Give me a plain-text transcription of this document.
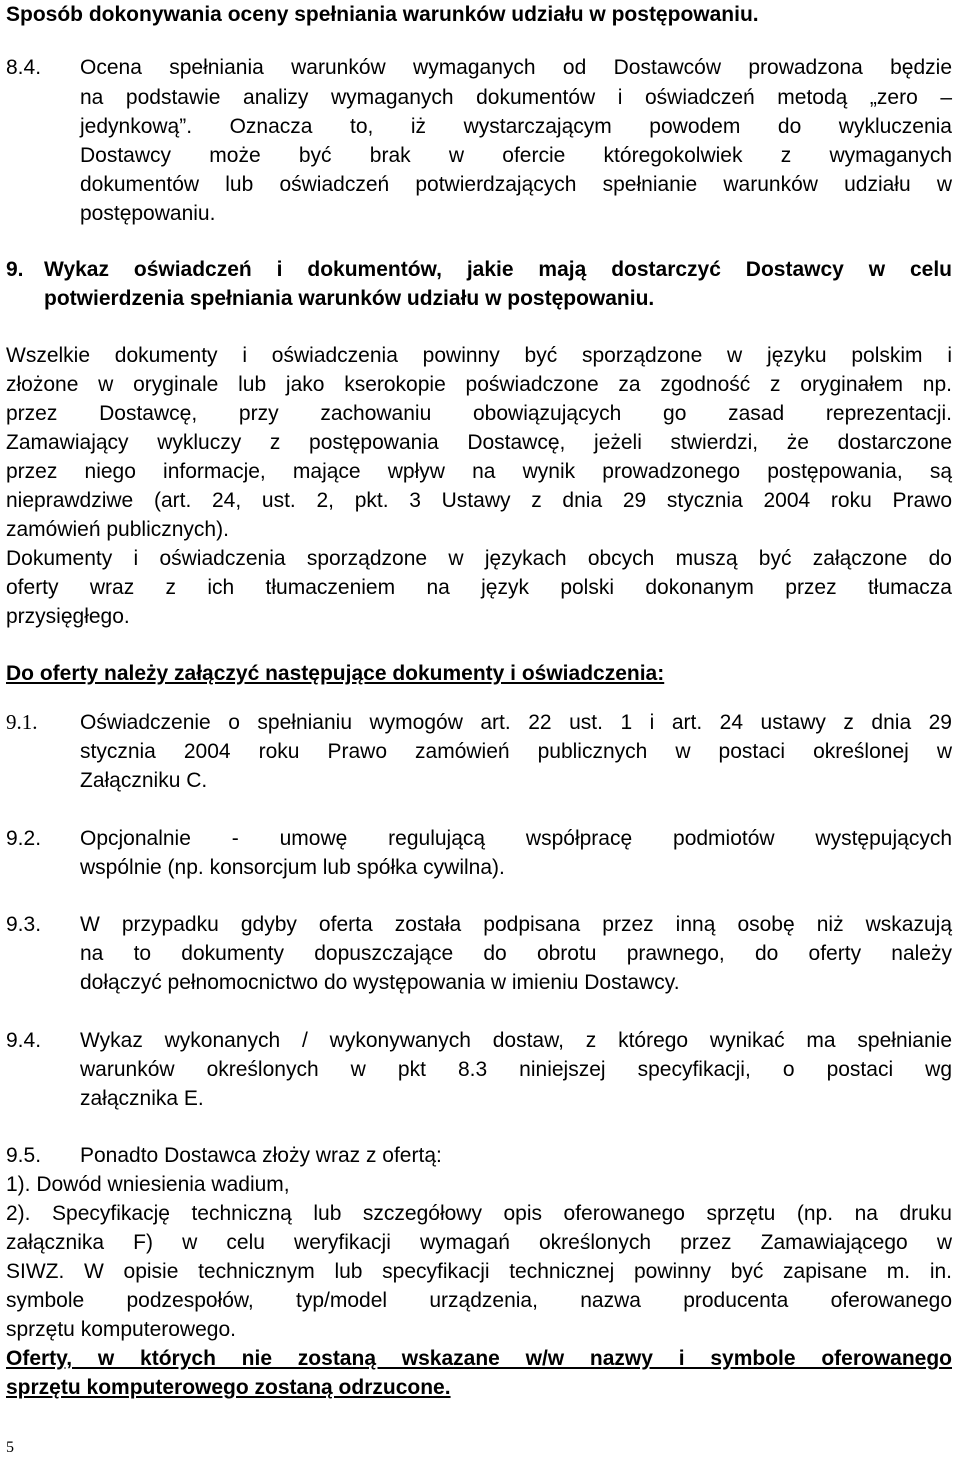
Sposób dokonywania oceny spełniania warunków udziału w postępowaniu.
8.4. Ocena spełniania warunków wymaganych od Dostawców prowadzona będzie
na podstawie analizy wymaganych dokumentów i oświadczeń metodą „zero –
jedynkową”. Oznacza to, iż wystarczającym powodem do wykluczenia
Dostawcy może być brak w ofercie któregokolwiek z wymaganych
dokumentów lub oświadczeń potwierdzających spełnianie warunków udziału w
postępowaniu.
9. Wykaz oświadczeń i dokumentów, jakie mają dostarczyć Dostawcy w celu
potwierdzenia spełniania warunków udziału w postępowaniu.
Wszelkie dokumenty i oświadczenia powinny być sporządzone w języku polskim i
złożone w oryginale lub jako kserokopie poświadczone za zgodność z oryginałem np.
przez Dostawcę, przy zachowaniu obowiązujących go zasad reprezentacji.
Zamawiający wykluczy z postępowania Dostawcę, jeżeli stwierdzi, że dostarczone
przez niego informacje, mające wpływ na wynik prowadzonego postępowania, są
nieprawdziwe (art. 24, ust. 2, pkt. 3 Ustawy z dnia 29 stycznia 2004 roku Prawo
zamówień publicznych).
Dokumenty i oświadczenia sporządzone w językach obcych muszą być załączone do
oferty wraz z ich tłumaczeniem na język polski dokonanym przez tłumacza
przysięgłego.
Do oferty należy załączyć następujące dokumenty i oświadczenia:
9.1. Oświadczenie o spełnianiu wymogów art. 22 ust. 1 i art. 24 ustawy z dnia 29
stycznia 2004 roku Prawo zamówień publicznych w postaci określonej w
Załączniku C.
9.2. Opcjonalnie - umowę regulującą współpracę podmiotów występujących
wspólnie (np. konsorcjum lub spółka cywilna).
9.3. W przypadku gdyby oferta została podpisana przez inną osobę niż wskazują
na to dokumenty dopuszczające do obrotu prawnego, do oferty należy
dołączyć pełnomocnictwo do występowania w imieniu Dostawcy.
9.4. Wykaz wykonanych / wykonywanych dostaw, z którego wynikać ma spełnianie
warunków określonych w pkt 8.3 niniejszej specyfikacji, o postaci wg
załącznika E.
9.5. Ponadto Dostawca złoży wraz z ofertą:
1). Dowód wniesienia wadium,
2). Specyfikację techniczną lub szczegółowy opis oferowanego sprzętu (np. na druku
załącznika F) w celu weryfikacji wymagań określonych przez Zamawiającego w
SIWZ. W opisie technicznym lub specyfikacji technicznej powinny być zapisane m. in.
symbole podzespołów, typ/model urządzenia, nazwa producenta oferowanego
sprzętu komputerowego.
Oferty, w których nie zostaną wskazane w/w nazwy i symbole oferowanego
sprzętu komputerowego zostaną odrzucone.
5
